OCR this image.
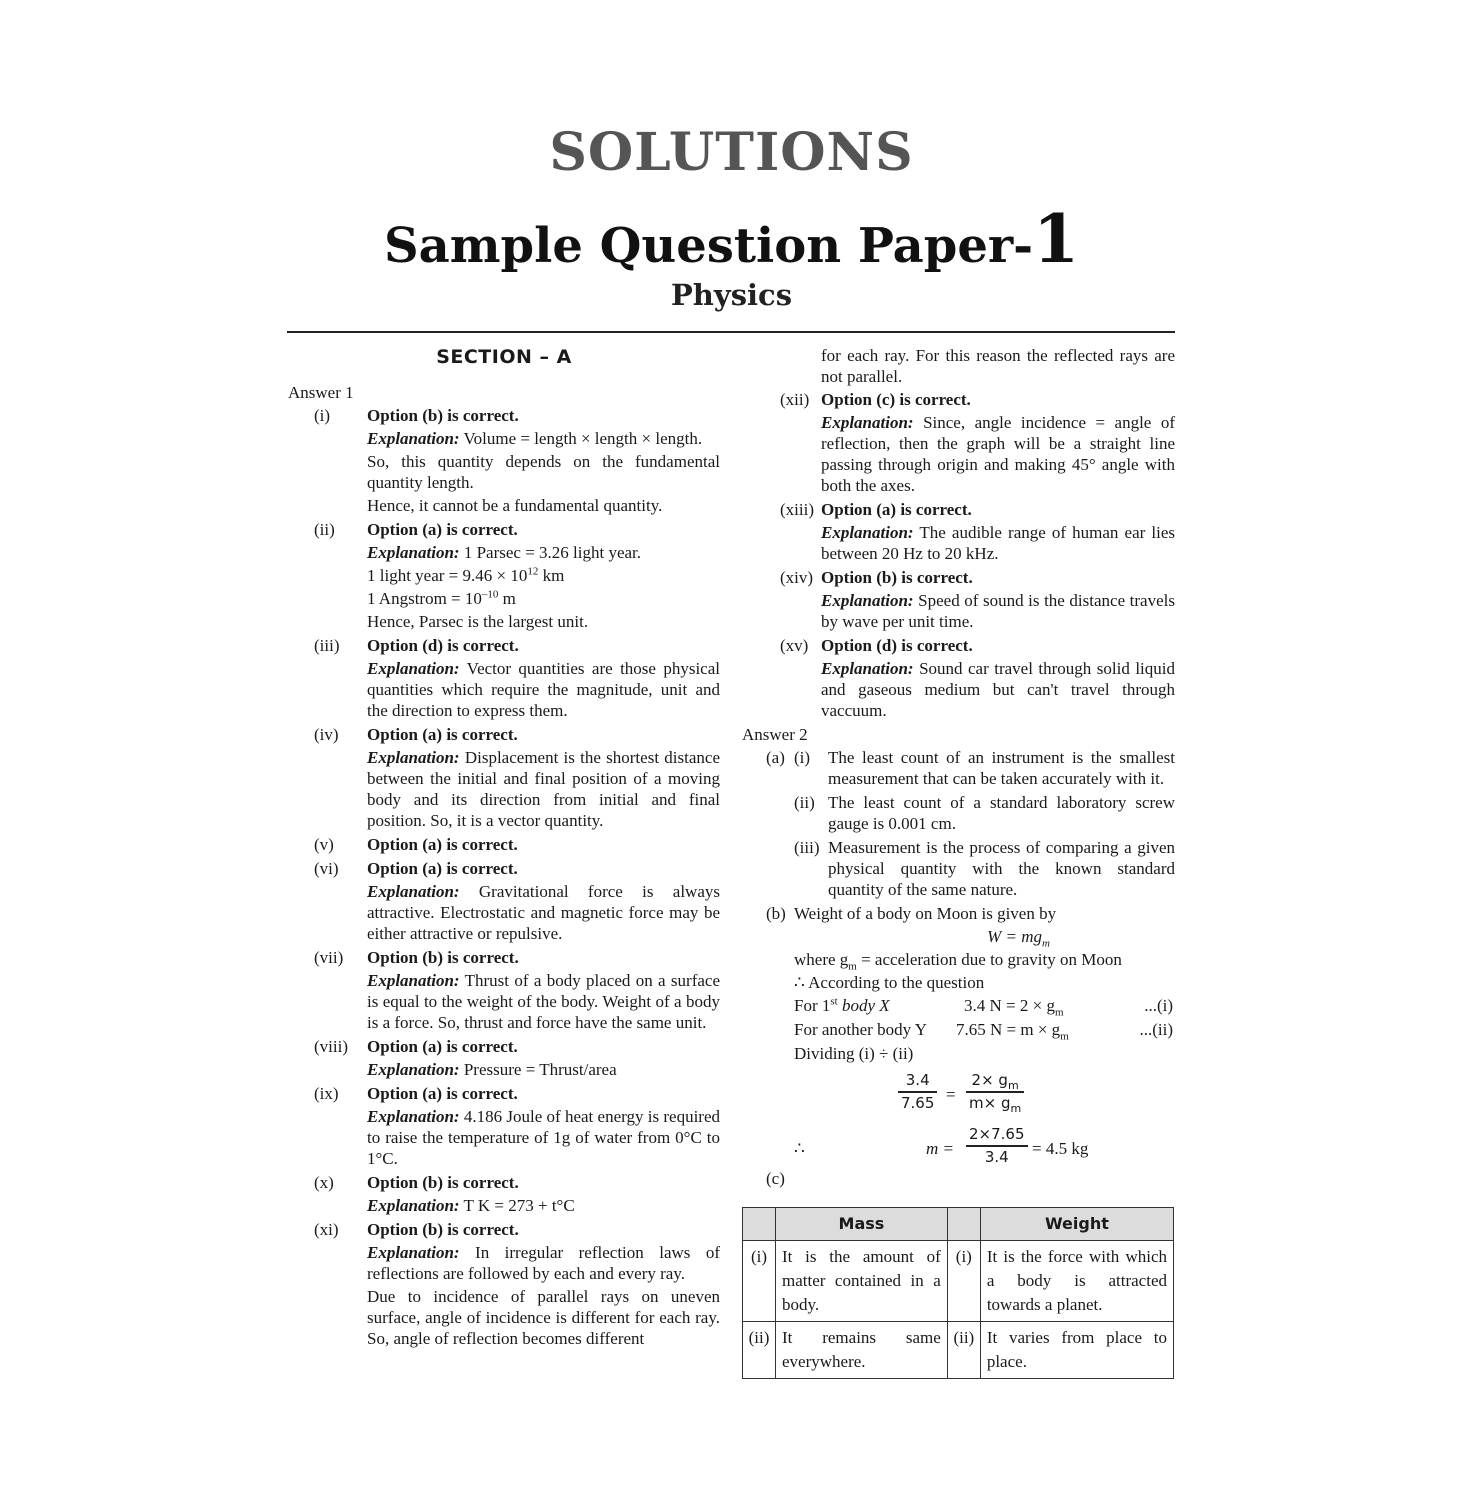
SOLUTIONS
Sample Question Paper-1
Physics
SECTION – A
Answer 1
(i)	Option (b) is correct.

Explanation: Volume = length × length × length.

So, this quantity depends on the fundamental quantity length.

Hence, it cannot be a fundamental quantity.

(ii)	Option (a) is correct.

Explanation: 1 Parsec = 3.26 light year.

1 light year = $9.46 \times 10^{12}$ km

1 Angstrom = $10^{-10}$ m

Hence, Parsec is the largest unit.

(iii)	Option (d) is correct.

Explanation: Vector quantities are those physical quantities which require the magnitude, unit and the direction to express them.

(iv)	Option (a) is correct.

Explanation: Displacement is the shortest distance between the initial and final position of a moving body and its direction from initial and final position. So, it is a vector quantity.

(v)	Option (a) is correct.

(vi)	Option (a) is correct.

Explanation: Gravitational force is always attractive. Electrostatic and magnetic force may be either attractive or repulsive.

(vii)	Option (b) is correct.

Explanation: Thrust of a body placed on a surface is equal to the weight of the body. Weight of a body is a force. So, thrust and force have the same unit.

(viii)	Option (a) is correct.

Explanation: Pressure = Thrust/area

(ix)	Option (a) is correct.

Explanation: 4.186 Joule of heat energy is required to raise the temperature of 1g of water from 0°C to 1°C.

(x)	Option (b) is correct.

Explanation: T K = 273 + t°C

(xi)	Option (b) is correct.

Explanation: In irregular reflection laws of reflections are followed by each and every ray.

Due to incidence of parallel rays on uneven surface, angle of incidence is different for each ray. So, angle of reflection becomes different

for each ray. For this reason the reflected rays are not parallel.

(xii) Option (c) is correct.

Explanation: Since, angle incidence = angle of reflection, then the graph will be a straight line passing through origin and making 45° angle with both the axes.

(xiii) Option (a) is correct.

Explanation: The audible range of human ear lies between 20 Hz to 20 kHz.

(xiv) Option (b) is correct.

Explanation: Speed of sound is the distance travels by wave per unit time.

(xv) Option (d) is correct.

Explanation: Sound car travel through solid liquid and gaseous medium but can't travel through vaccuum.

Answer 2
(a) (i) The least count of an instrument is the smallest measurement that can be taken accurately with it.
(ii) The least count of a standard laboratory screw gauge is 0.001 cm.
(iii) Measurement is the process of comparing a given physical quantity with the known standard quantity of the same nature.
(b) Weight of a body on Moon is given by
$W = mg_m$
where $g_m$ = acceleration due to gravity on Moon
∴ According to the question
For 1st body X	3.4 $N = 2 \times g_m$	...(i)
For another body Y 7.65 $N = m \times g_m$	...(ii)
Dividing (i) ÷ (ii)
$\frac{3.4}{7.65} = \frac{2\times g_m}{m\times g_m}$
∴	$m = \frac{2\times 7.65}{3.4} = 4.5$ kg
(c)
	Mass		Weight
(i)	It is the amount of matter contained in a body.	(i)	It is the force with which a body is attracted towards a planet.
(ii)	It remains same everywhere.	(ii)	It varies from place to place.
